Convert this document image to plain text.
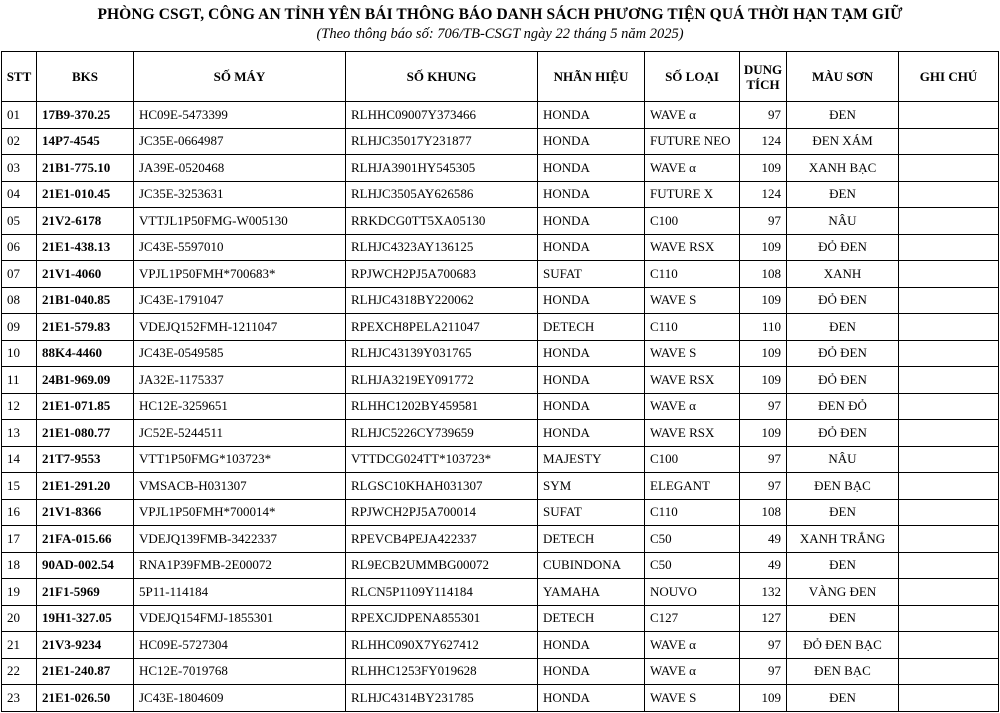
PHÒNG CSGT, CÔNG AN TỈNH YÊN BÁI THÔNG BÁO DANH SÁCH PHƯƠNG TIỆN QUÁ THỜI HẠN TẠM GIỮ
(Theo thông báo số: 706/TB-CSGT ngày 22 tháng 5 năm 2025)
STT	BKS	SỐ MÁY	SỐ KHUNG	NHÃN HIỆU	SỐ LOẠI	DUNG TÍCH	MÀU SƠN	GHI CHÚ
01	17B9-370.25	HC09E-5473399	RLHHC09007Y373466	HONDA	WAVE α	97	ĐEN	
02	14P7-4545	JC35E-0664987	RLHJC35017Y231877	HONDA	FUTURE NEO	124	ĐEN XÁM	
03	21B1-775.10	JA39E-0520468	RLHJA3901HY545305	HONDA	WAVE α	109	XANH BẠC	
04	21E1-010.45	JC35E-3253631	RLHJC3505AY626586	HONDA	FUTURE X	124	ĐEN	
05	21V2-6178	VTTJL1P50FMG-W005130	RRKDCG0TT5XA05130	HONDA	C100	97	NÂU	
06	21E1-438.13	JC43E-5597010	RLHJC4323AY136125	HONDA	WAVE RSX	109	ĐỎ ĐEN	
07	21V1-4060	VPJL1P50FMH*700683*	RPJWCH2PJ5A700683	SUFAT	C110	108	XANH	
08	21B1-040.85	JC43E-1791047	RLHJC4318BY220062	HONDA	WAVE S	109	ĐỎ ĐEN	
09	21E1-579.83	VDEJQ152FMH-1211047	RPEXCH8PELA211047	DETECH	C110	110	ĐEN	
10	88K4-4460	JC43E-0549585	RLHJC43139Y031765	HONDA	WAVE S	109	ĐỎ ĐEN	
11	24B1-969.09	JA32E-1175337	RLHJA3219EY091772	HONDA	WAVE RSX	109	ĐỎ ĐEN	
12	21E1-071.85	HC12E-3259651	RLHHC1202BY459581	HONDA	WAVE α	97	ĐEN ĐỎ	
13	21E1-080.77	JC52E-5244511	RLHJC5226CY739659	HONDA	WAVE RSX	109	ĐỎ ĐEN	
14	21T7-9553	VTT1P50FMG*103723*	VTTDCG024TT*103723*	MAJESTY	C100	97	NÂU	
15	21E1-291.20	VMSACB-H031307	RLGSC10KHAH031307	SYM	ELEGANT	97	ĐEN BẠC	
16	21V1-8366	VPJL1P50FMH*700014*	RPJWCH2PJ5A700014	SUFAT	C110	108	ĐEN	
17	21FA-015.66	VDEJQ139FMB-3422337	RPEVCB4PEJA422337	DETECH	C50	49	XANH TRẮNG	
18	90AD-002.54	RNA1P39FMB-2E00072	RL9ECB2UMMBG00072	CUBINDONA	C50	49	ĐEN	
19	21F1-5969	5P11-114184	RLCN5P1109Y114184	YAMAHA	NOUVO	132	VÀNG ĐEN	
20	19H1-327.05	VDEJQ154FMJ-1855301	RPEXCJDPENA855301	DETECH	C127	127	ĐEN	
21	21V3-9234	HC09E-5727304	RLHHC090X7Y627412	HONDA	WAVE α	97	ĐỎ ĐEN BẠC	
22	21E1-240.87	HC12E-7019768	RLHHC1253FY019628	HONDA	WAVE α	97	ĐEN BẠC	
23	21E1-026.50	JC43E-1804609	RLHJC4314BY231785	HONDA	WAVE S	109	ĐEN	
